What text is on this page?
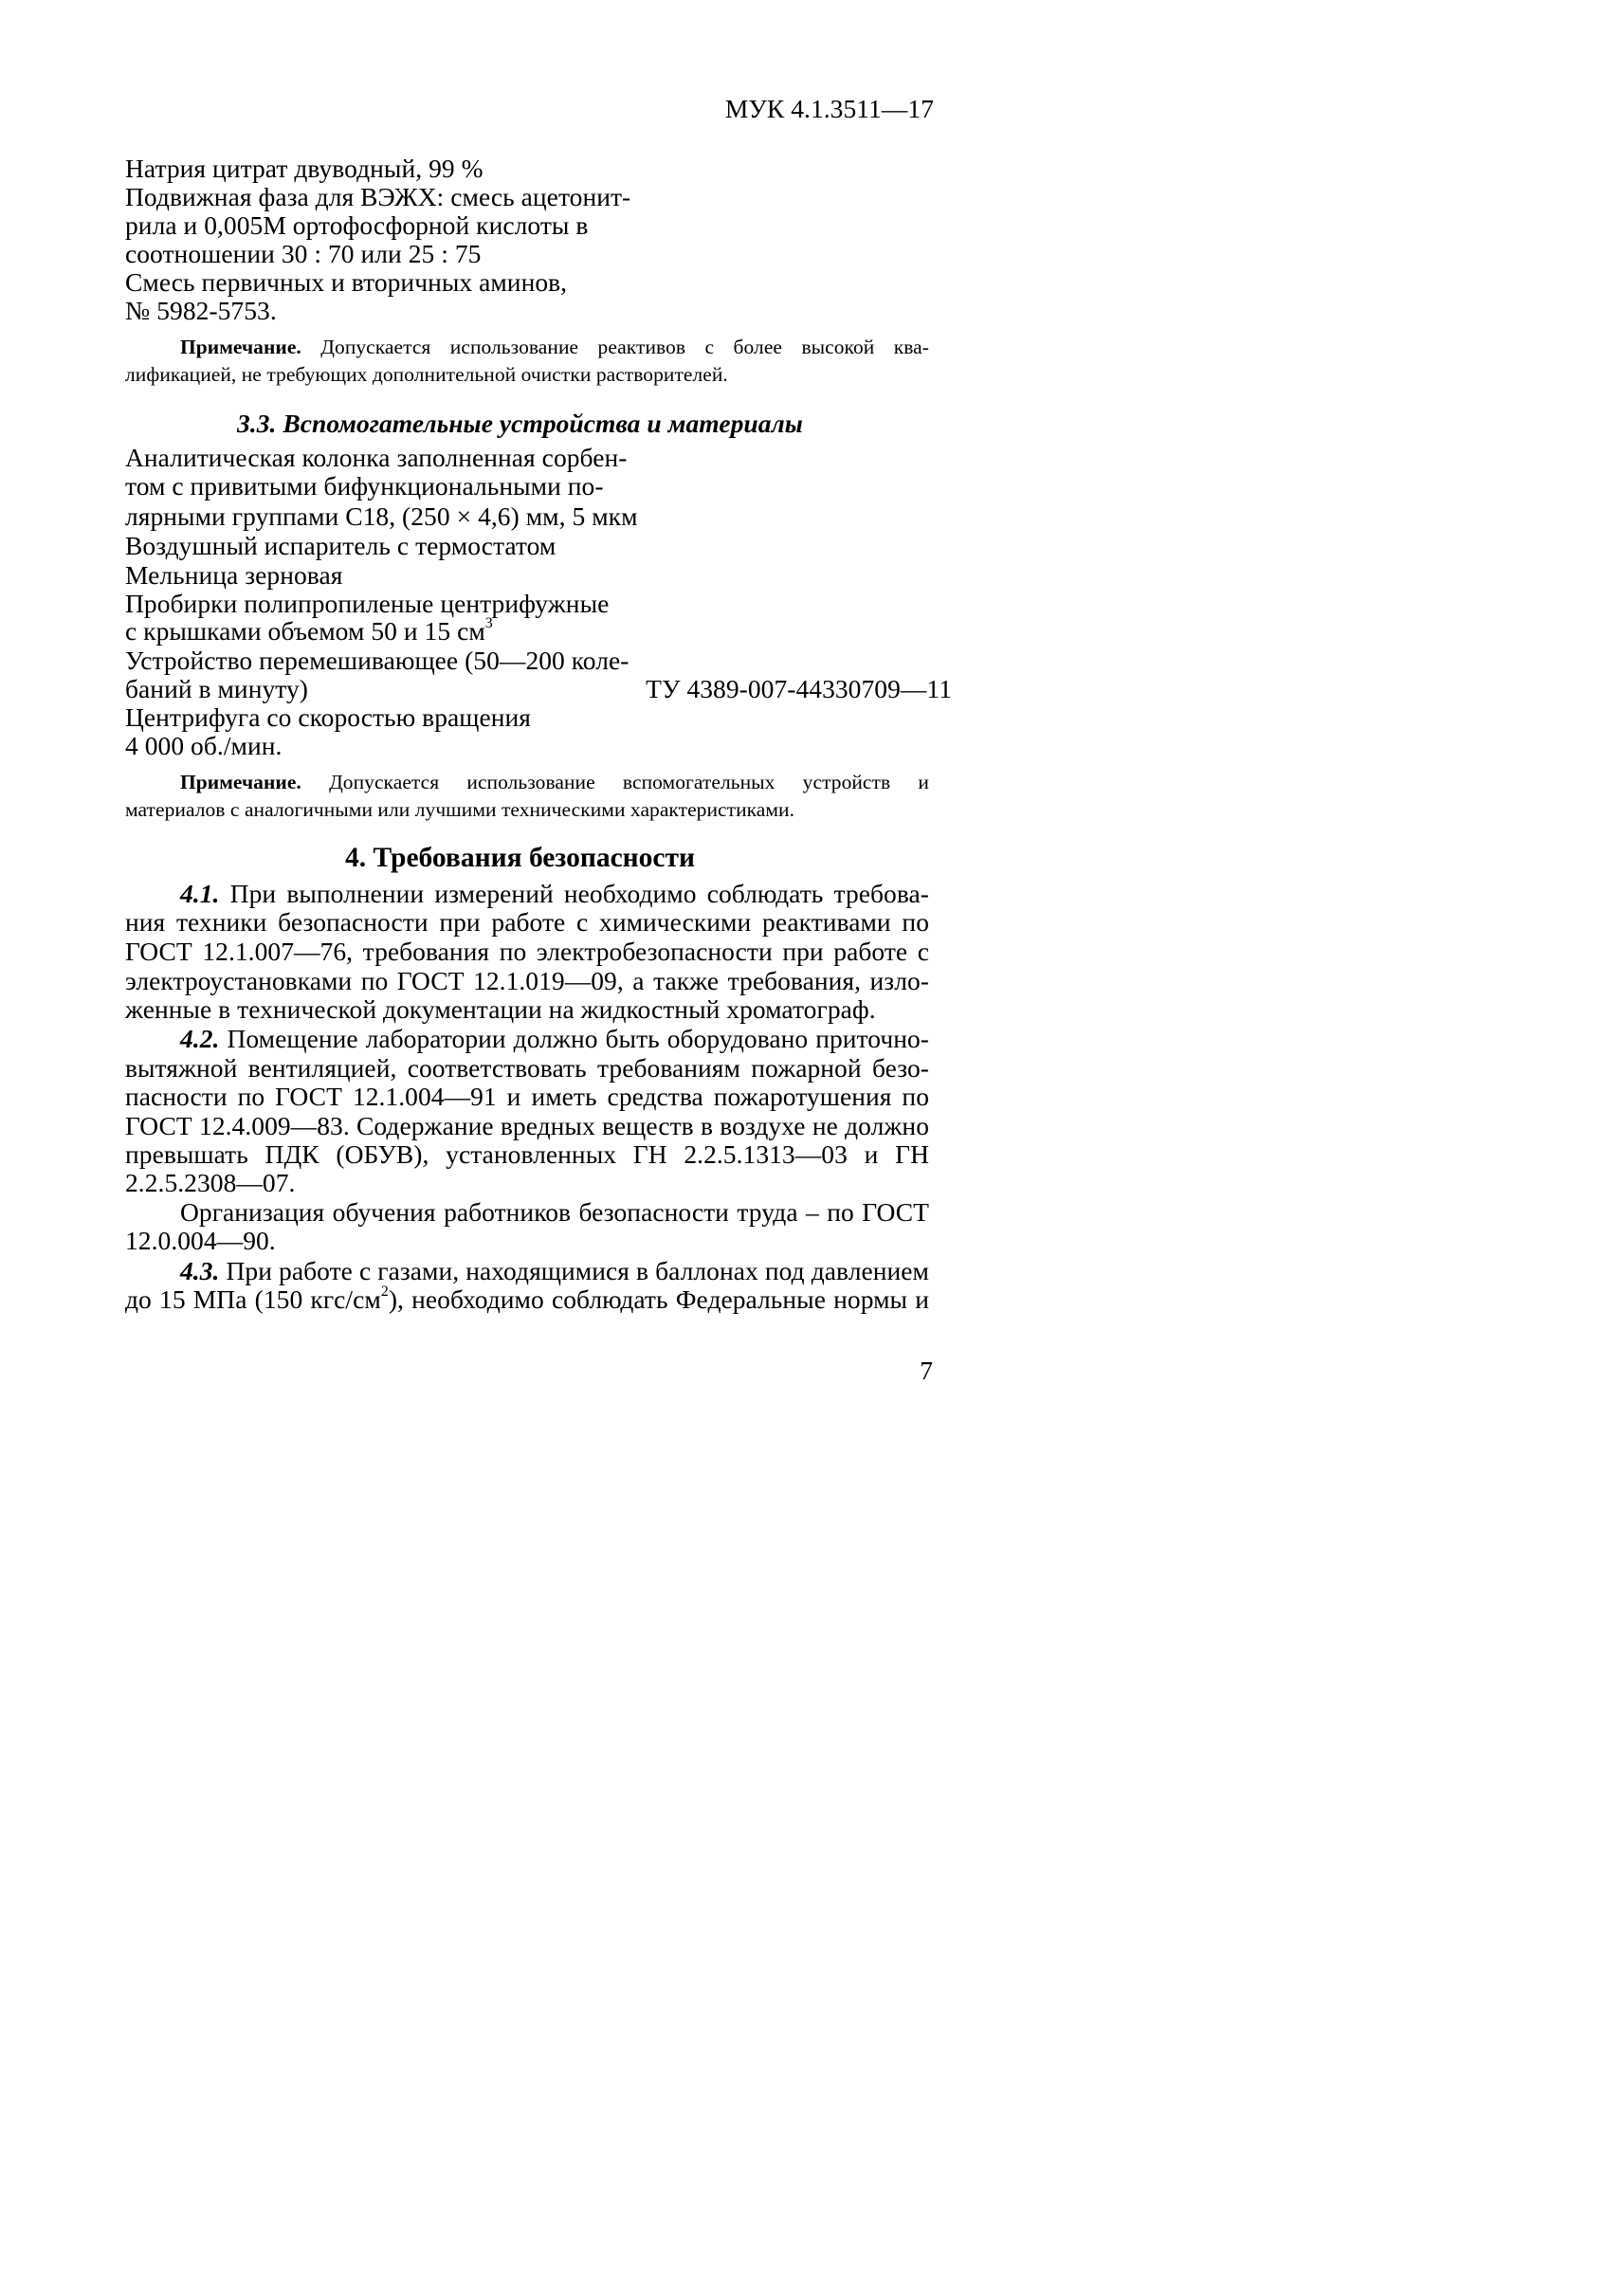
МУК 4.1.3511—17
Натрия цитрат двуводный, 99 %
Подвижная фаза для ВЭЖХ: смесь ацетонит-
рила и 0,005М ортофосфорной кислоты в
соотношении 30 : 70 или 25 : 75
Смесь первичных и вторичных аминов,
№ 5982-5753.
Примечание. Допускается использование реактивов с более высокой ква-
лификацией, не требующих дополнительной очистки растворителей.
3.3. Вспомогательные устройства и материалы
Аналитическая колонка заполненная сорбен-
том с привитыми бифункциональными по-
лярными группами С18, (250 × 4,6) мм, 5 мкм
Воздушный испаритель с термостатом
Мельница зерновая
Пробирки полипропиленые центрифужные
с крышками объемом 50 и 15 $см^3$
Устройство перемешивающее (50—200 коле-
баний в минуту)	ТУ 4389-007-44330709—11
Центрифуга со скоростью вращения
4 000 об./мин.
Примечание. Допускается использование вспомогательных устройств и
материалов с аналогичными или лучшими техническими характеристиками.
4. Требования безопасности
4.1. При выполнении измерений необходимо соблюдать требова-
ния техники безопасности при работе с химическими реактивами по
ГОСТ 12.1.007—76, требования по электробезопасности при работе с
электроустановками по ГОСТ 12.1.019—09, а также требования, изло-
женные в технической документации на жидкостный хроматограф.
4.2. Помещение лаборатории должно быть оборудовано приточно-
вытяжной вентиляцией, соответствовать требованиям пожарной безо-
пасности по ГОСТ 12.1.004—91 и иметь средства пожаротушения по
ГОСТ 12.4.009—83. Содержание вредных веществ в воздухе не должно
превышать ПДК (ОБУВ), установленных ГН 2.2.5.1313—03 и ГН
2.2.5.2308—07.
Организация обучения работников безопасности труда – по ГОСТ
12.0.004—90.
4.3. При работе с газами, находящимися в баллонах под давлением
до 15 МПа (150 кгс/$см^2$), необходимо соблюдать Федеральные нормы и
7
